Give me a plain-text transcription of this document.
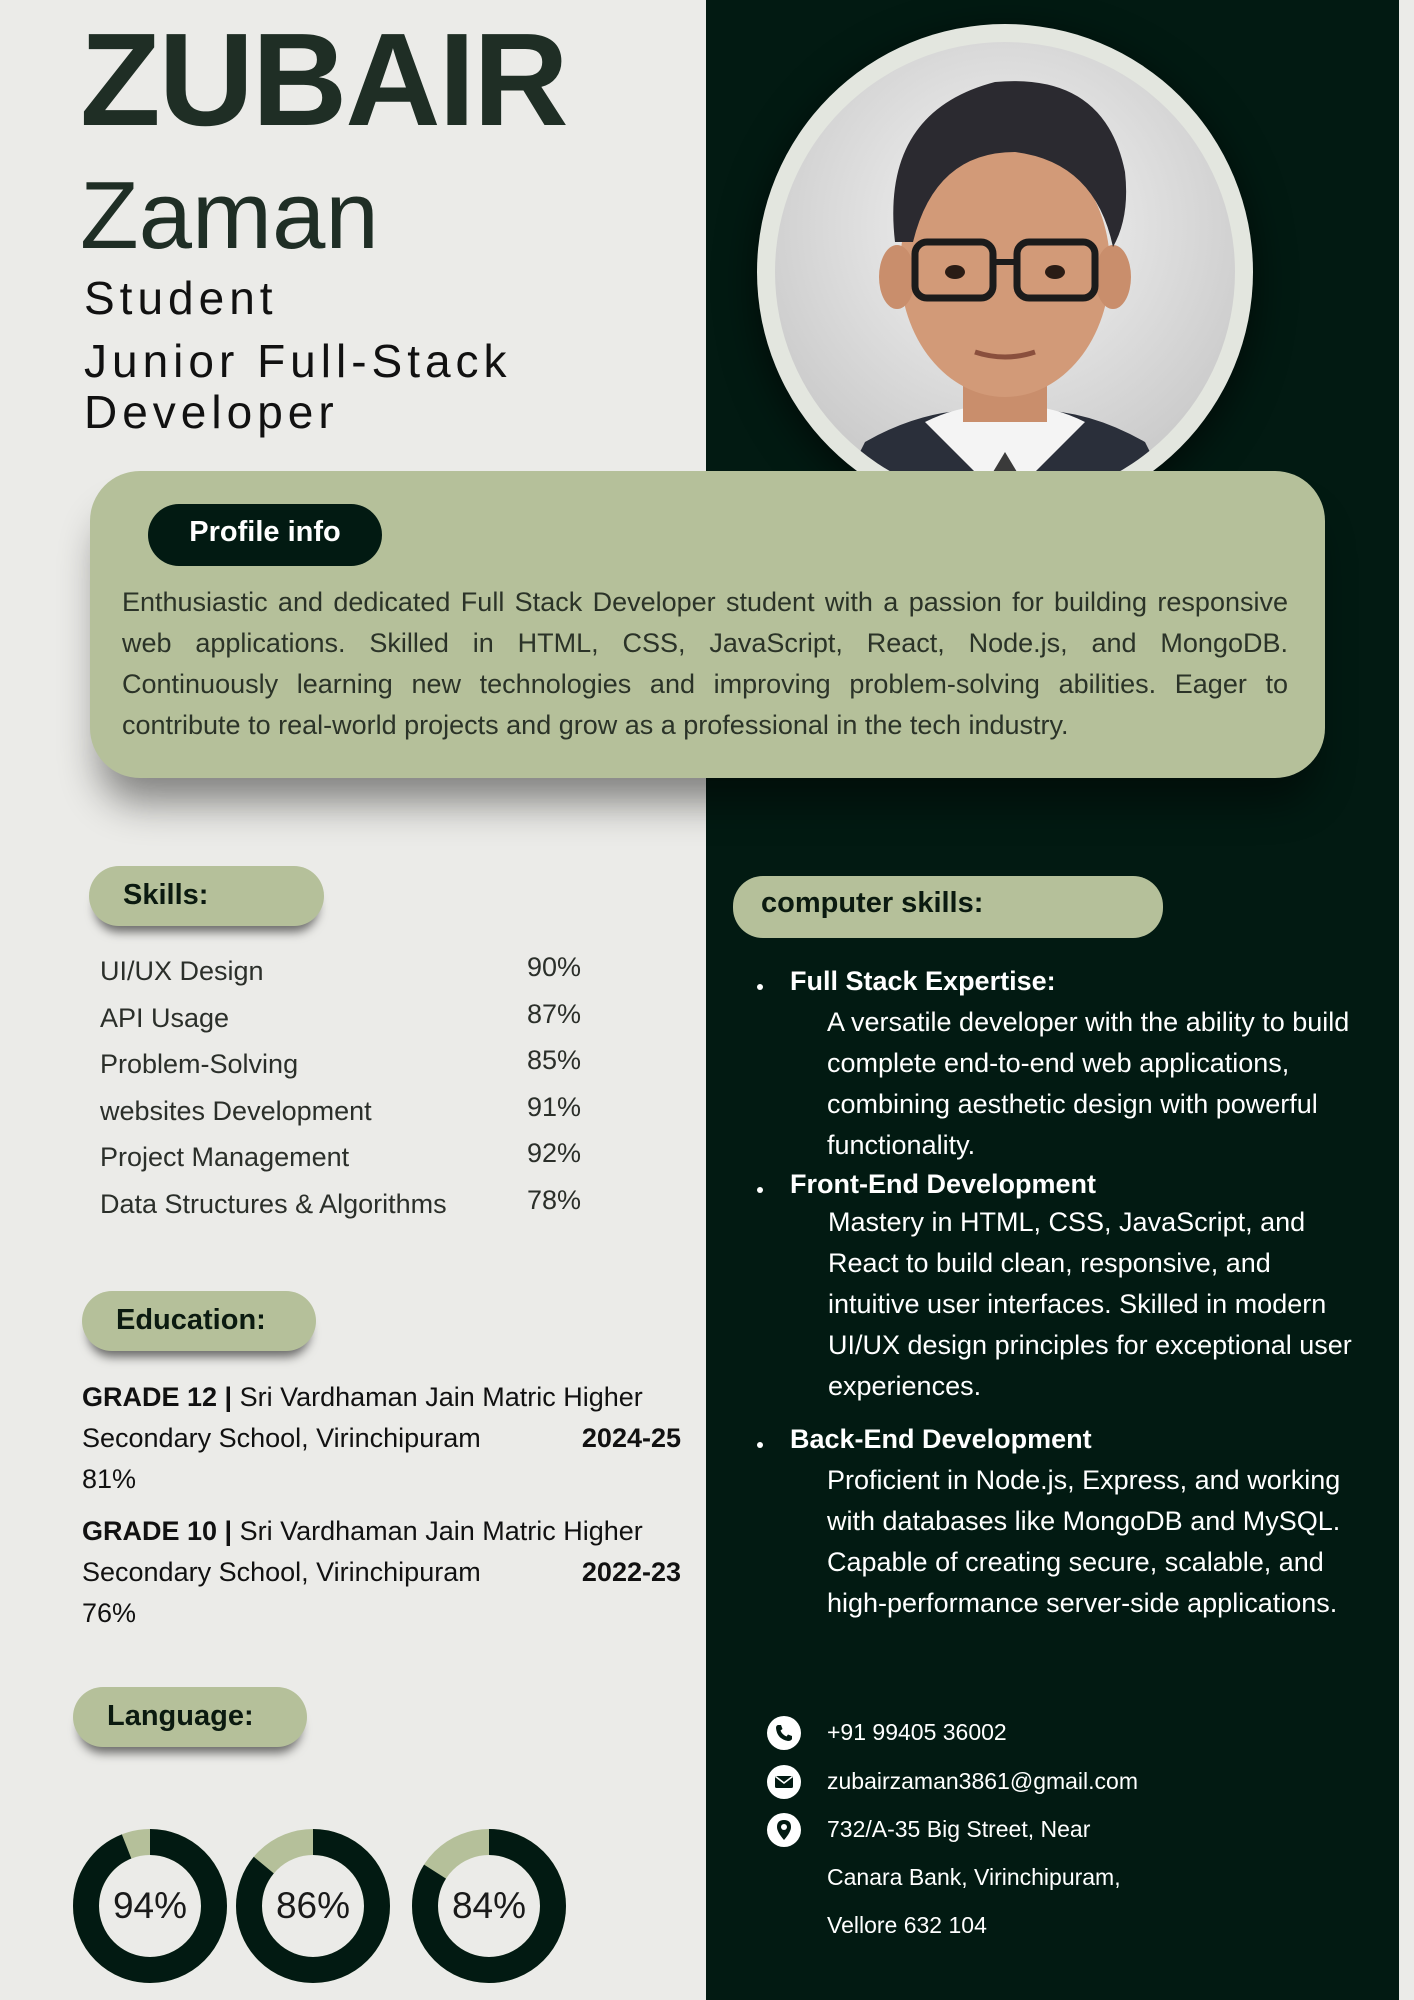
ZUBAIR
Zaman

Student

Junior Full-Stack

Developer

Profile info

Enthusiastic and dedicated Full Stack Developer student with a passion for building responsive web applications. Skilled in HTML, CSS, JavaScript, React, Node.js, and MongoDB. Continuously learning new technologies and improving problem-solving abilities. Eager to contribute to real-world projects and grow as a professional in the tech industry.

Skills:
UI/UX Design	90%
API Usage	87%
Problem-Solving	85%
websites Development	91%
Project Management	92%
Data Structures & Algorithms	78%
Education:
GRADE 12 | Sri Vardhaman Jain Matric Higher
Secondary School, Virinchipuram
81%
2024-25
GRADE 10 | Sri Vardhaman Jain Matric Higher
Secondary School, Virinchipuram
76%
2022-23
Language:
94%	86%	84%
computer skills:
Full Stack Expertise:

A versatile developer with the ability to build complete end-to-end web applications, combining aesthetic design with powerful functionality.

Front-End Development

Mastery in HTML, CSS, JavaScript, and React to build clean, responsive, and intuitive user interfaces. Skilled in modern UI/UX design principles for exceptional user experiences.

Back-End Development

Proficient in Node.js, Express, and working with databases like MongoDB and MySQL. Capable of creating secure, scalable, and high-performance server-side applications.

+91 99405 36002
zubairzaman3861@gmail.com
732/A-35 Big Street, Near
Canara Bank, Virinchipuram,
Vellore 632 104
